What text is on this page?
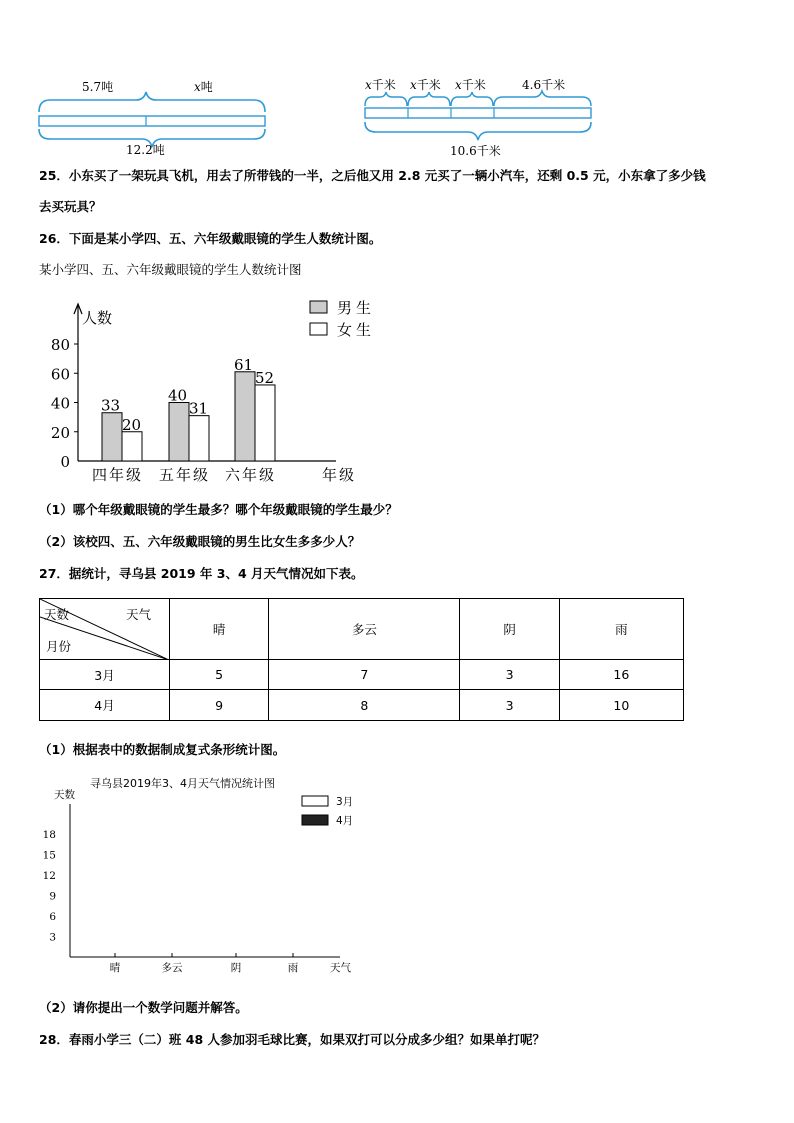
5.7吨	x吨
12.2吨
x千米 x千米 x千米	4.6千米
10.6千米
25．小东买了一架玩具飞机，用去了所带钱的一半，之后他又用 2.8 元买了一辆小汽车，还剩 0.5 元，小东拿了多少钱
去买玩具？
26．下面是某小学四、五、六年级戴眼镜的学生人数统计图。
某小学四、五、六年级戴眼镜的学生人数统计图
人数
年级
0
20
40
60
80
33
20
四年级
40
31
五年级
61
52
六年级
男生
女生
（1）哪个年级戴眼镜的学生最多？哪个年级戴眼镜的学生最少？
（2）该校四、五、六年级戴眼镜的男生比女生多多少人？
27．据统计，寻乌县 2019 年 3、4 月天气情况如下表。
天数 天气
月份	晴	多云	阴	雨
3月	5	7	3	16
4月	9	8	3	10
（1）根据表中的数据制成复式条形统计图。
寻乌县2019年3、4月天气情况统计图
天数
3
6
9
12
15
18
晴	多云	阴	雨	天气
3月
4月
（2）请你提出一个数学问题并解答。
28．春雨小学三（二）班 48 人参加羽毛球比赛，如果双打可以分成多少组？如果单打呢？
